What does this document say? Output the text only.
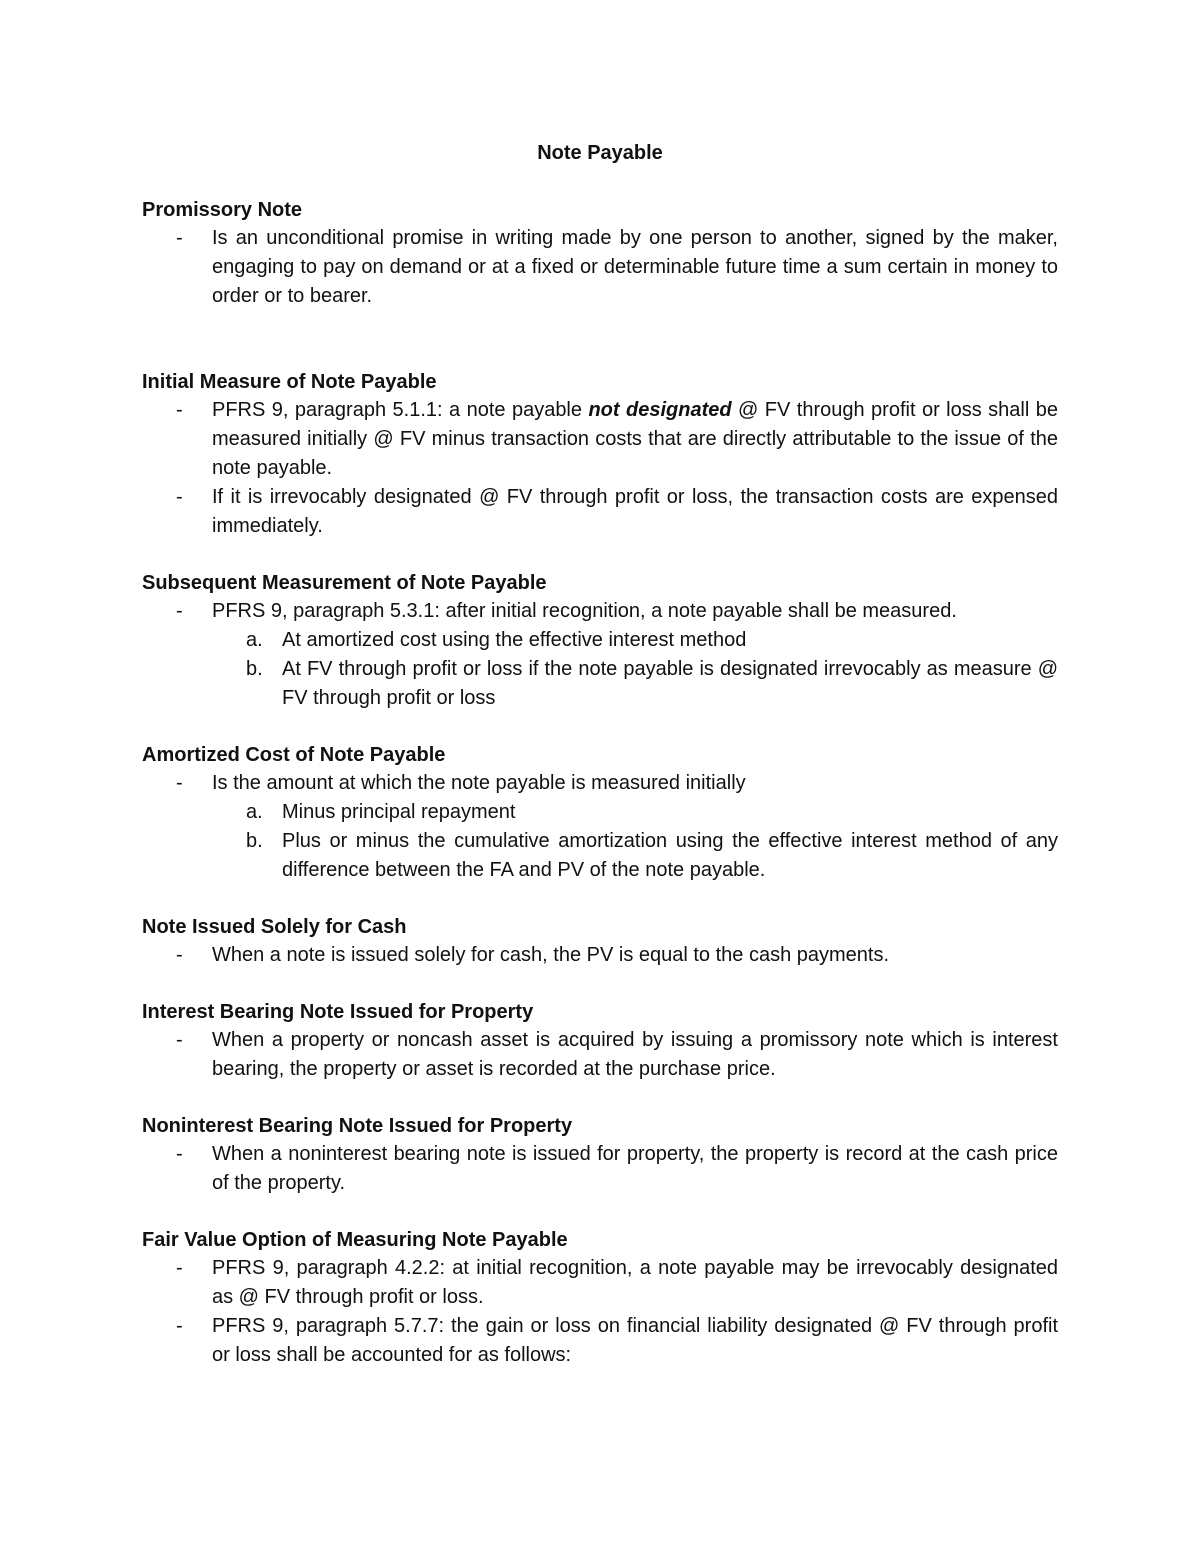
Note Payable
Promissory Note
- Is an unconditional promise in writing made by one person to another, signed by the maker, engaging to pay on demand or at a fixed or determinable future time a sum certain in money to order or to bearer.
Initial Measure of Note Payable
- PFRS 9, paragraph 5.1.1: a note payable not designated @ FV through profit or loss shall be measured initially @ FV minus transaction costs that are directly attributable to the issue of the note payable.
- If it is irrevocably designated @ FV through profit or loss, the transaction costs are expensed immediately.
Subsequent Measurement of Note Payable
- PFRS 9, paragraph 5.3.1: after initial recognition, a note payable shall be measured.
a. At amortized cost using the effective interest method
b. At FV through profit or loss if the note payable is designated irrevocably as measure @ FV through profit or loss
Amortized Cost of Note Payable
- Is the amount at which the note payable is measured initially
a. Minus principal repayment
b. Plus or minus the cumulative amortization using the effective interest method of any difference between the FA and PV of the note payable.
Note Issued Solely for Cash
- When a note is issued solely for cash, the PV is equal to the cash payments.
Interest Bearing Note Issued for Property
- When a property or noncash asset is acquired by issuing a promissory note which is interest bearing, the property or asset is recorded at the purchase price.
Noninterest Bearing Note Issued for Property
- When a noninterest bearing note is issued for property, the property is record at the cash price of the property.
Fair Value Option of Measuring Note Payable
- PFRS 9, paragraph 4.2.2: at initial recognition, a note payable may be irrevocably designated as @ FV through profit or loss.
- PFRS 9, paragraph 5.7.7: the gain or loss on financial liability designated @ FV through profit or loss shall be accounted for as follows:
